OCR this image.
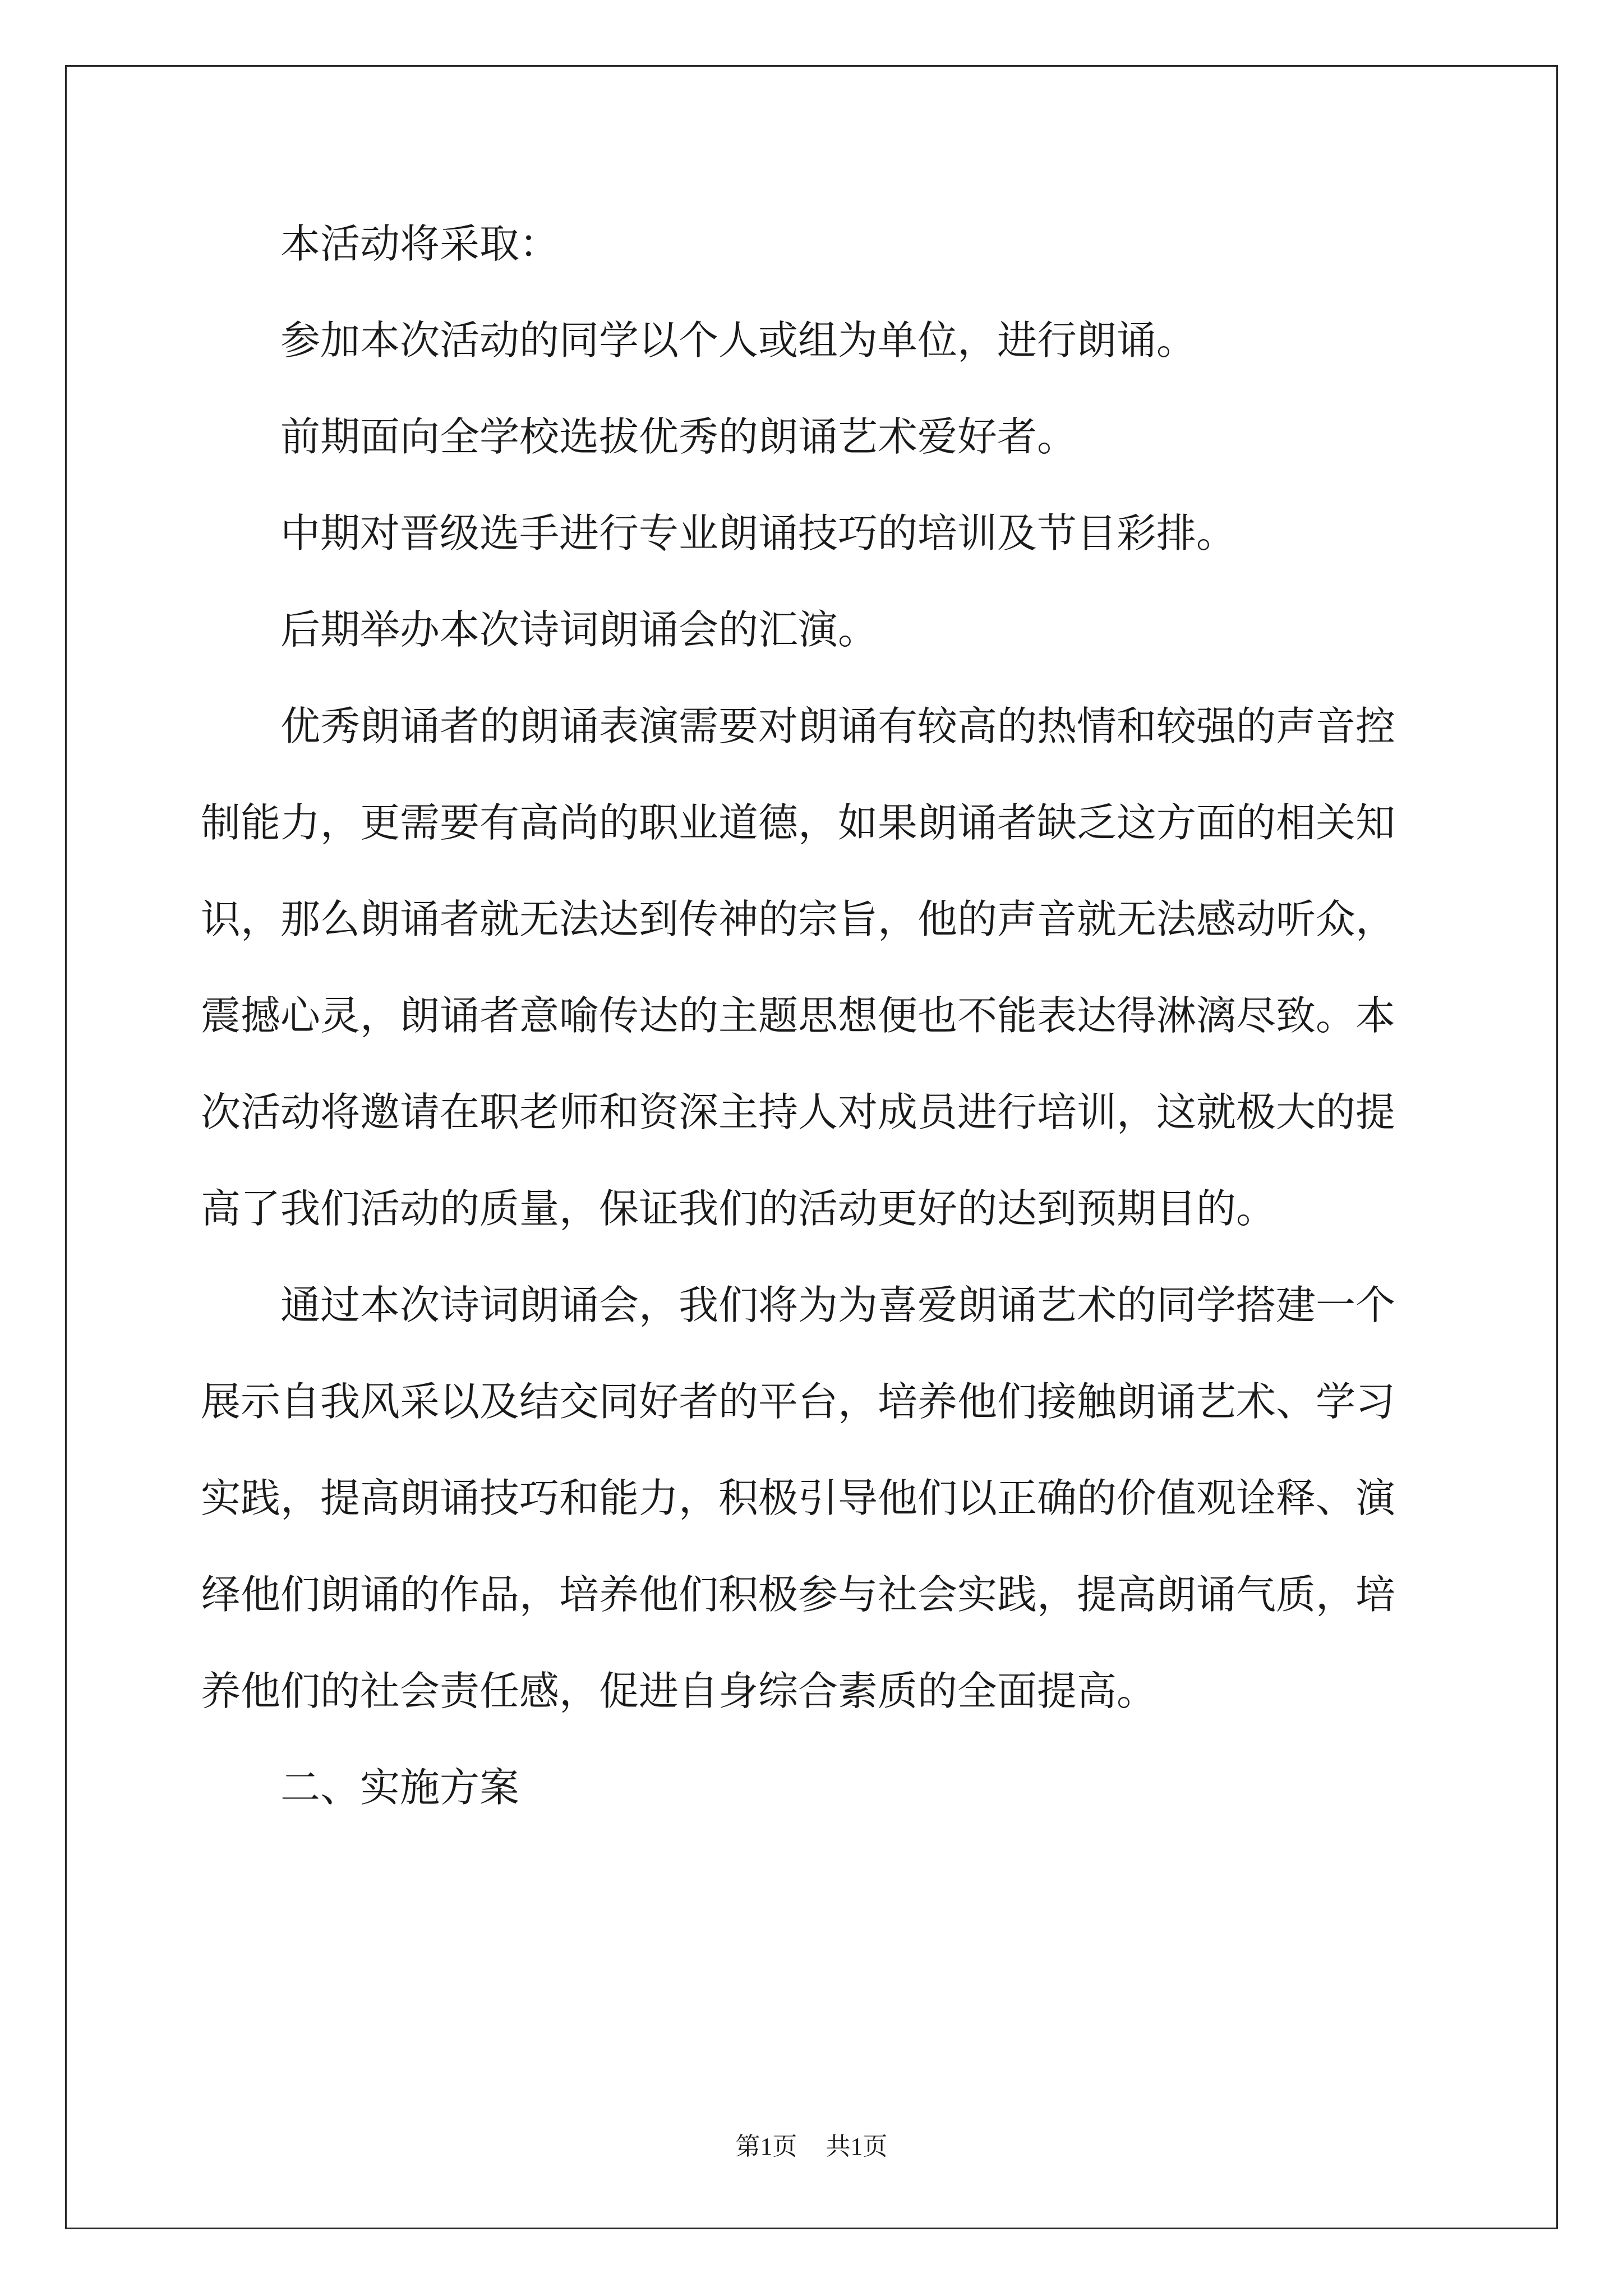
　　本活动将采取：
　　参加本次活动的同学以个人或组为单位，进行朗诵。
　　前期面向全学校选拔优秀的朗诵艺术爱好者。
　　中期对晋级选手进行专业朗诵技巧的培训及节目彩排。
　　后期举办本次诗词朗诵会的汇演。
　　优秀朗诵者的朗诵表演需要对朗诵有较高的热情和较强的声音控
制能力，更需要有高尚的职业道德，如果朗诵者缺乏这方面的相关知
识，那么朗诵者就无法达到传神的宗旨，他的声音就无法感动听众，
震撼心灵，朗诵者意喻传达的主题思想便也不能表达得淋漓尽致。本
次活动将邀请在职老师和资深主持人对成员进行培训，这就极大的提
高了我们活动的质量，保证我们的活动更好的达到预期目的。
　　通过本次诗词朗诵会，我们将为为喜爱朗诵艺术的同学搭建一个
展示自我风采以及结交同好者的平台，培养他们接触朗诵艺术、学习
实践，提高朗诵技巧和能力，积极引导他们以正确的价值观诠释、演
绎他们朗诵的作品，培养他们积极参与社会实践，提高朗诵气质，培
养他们的社会责任感，促进自身综合素质的全面提高。
　　二、实施方案
第1页 共1页
